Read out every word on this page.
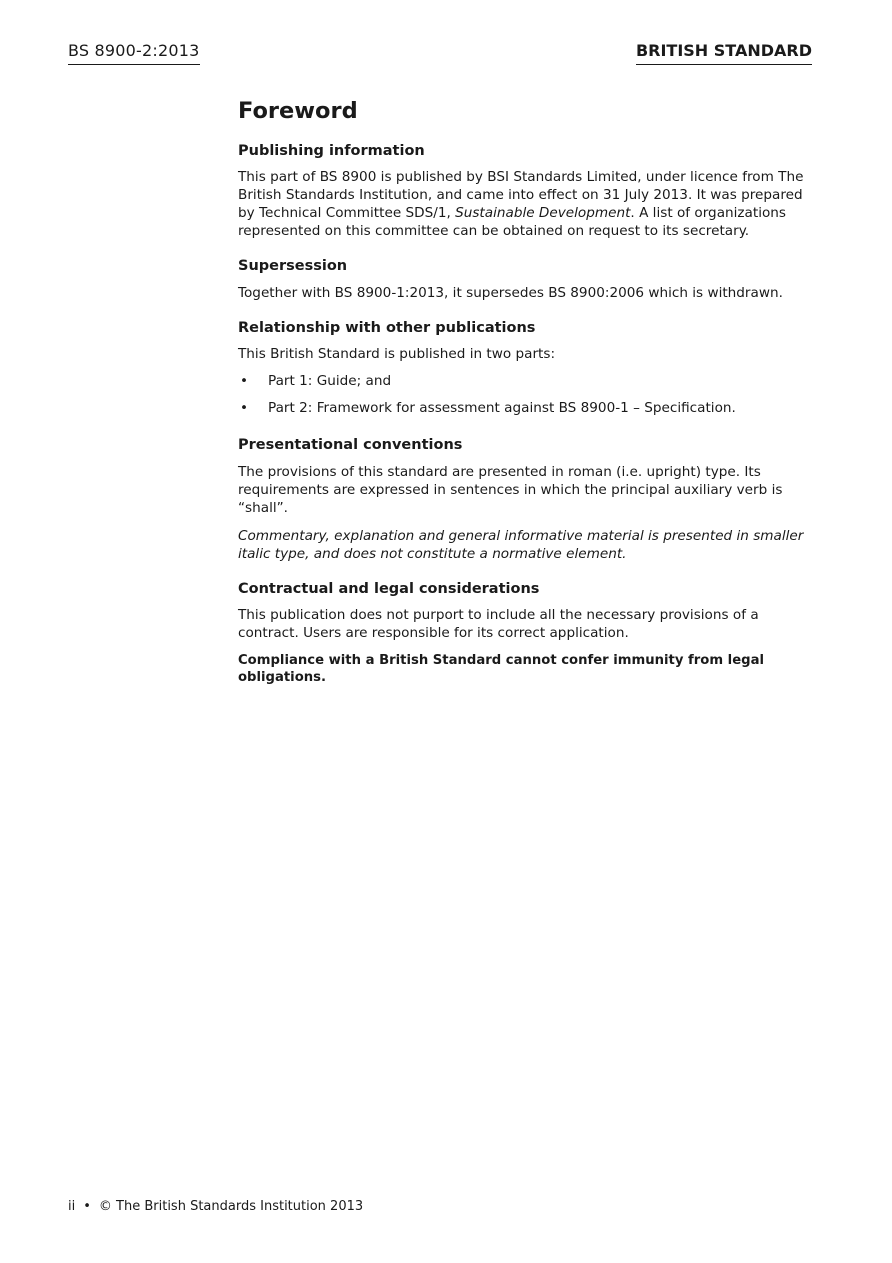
BS 8900-2:2013	BRITISH STANDARD
Foreword
Publishing information

This part of BS 8900 is published by BSI Standards Limited, under licence from The British Standards Institution, and came into effect on 31 July 2013. It was prepared by Technical Committee SDS/1, Sustainable Development. A list of organizations represented on this committee can be obtained on request to its secretary.

Supersession

Together with BS 8900-1:2013, it supersedes BS 8900:2006 which is withdrawn.

Relationship with other publications

This British Standard is published in two parts:

• Part 1: Guide; and
• Part 2: Framework for assessment against BS 8900-1 – Specification.
Presentational conventions

The provisions of this standard are presented in roman (i.e. upright) type. Its requirements are expressed in sentences in which the principal auxiliary verb is “shall”.

Commentary, explanation and general informative material is presented in smaller italic type, and does not constitute a normative element.

Contractual and legal considerations

This publication does not purport to include all the necessary provisions of a contract. Users are responsible for its correct application.

Compliance with a British Standard cannot confer immunity from legal obligations.

ii • © The British Standards Institution 2013
